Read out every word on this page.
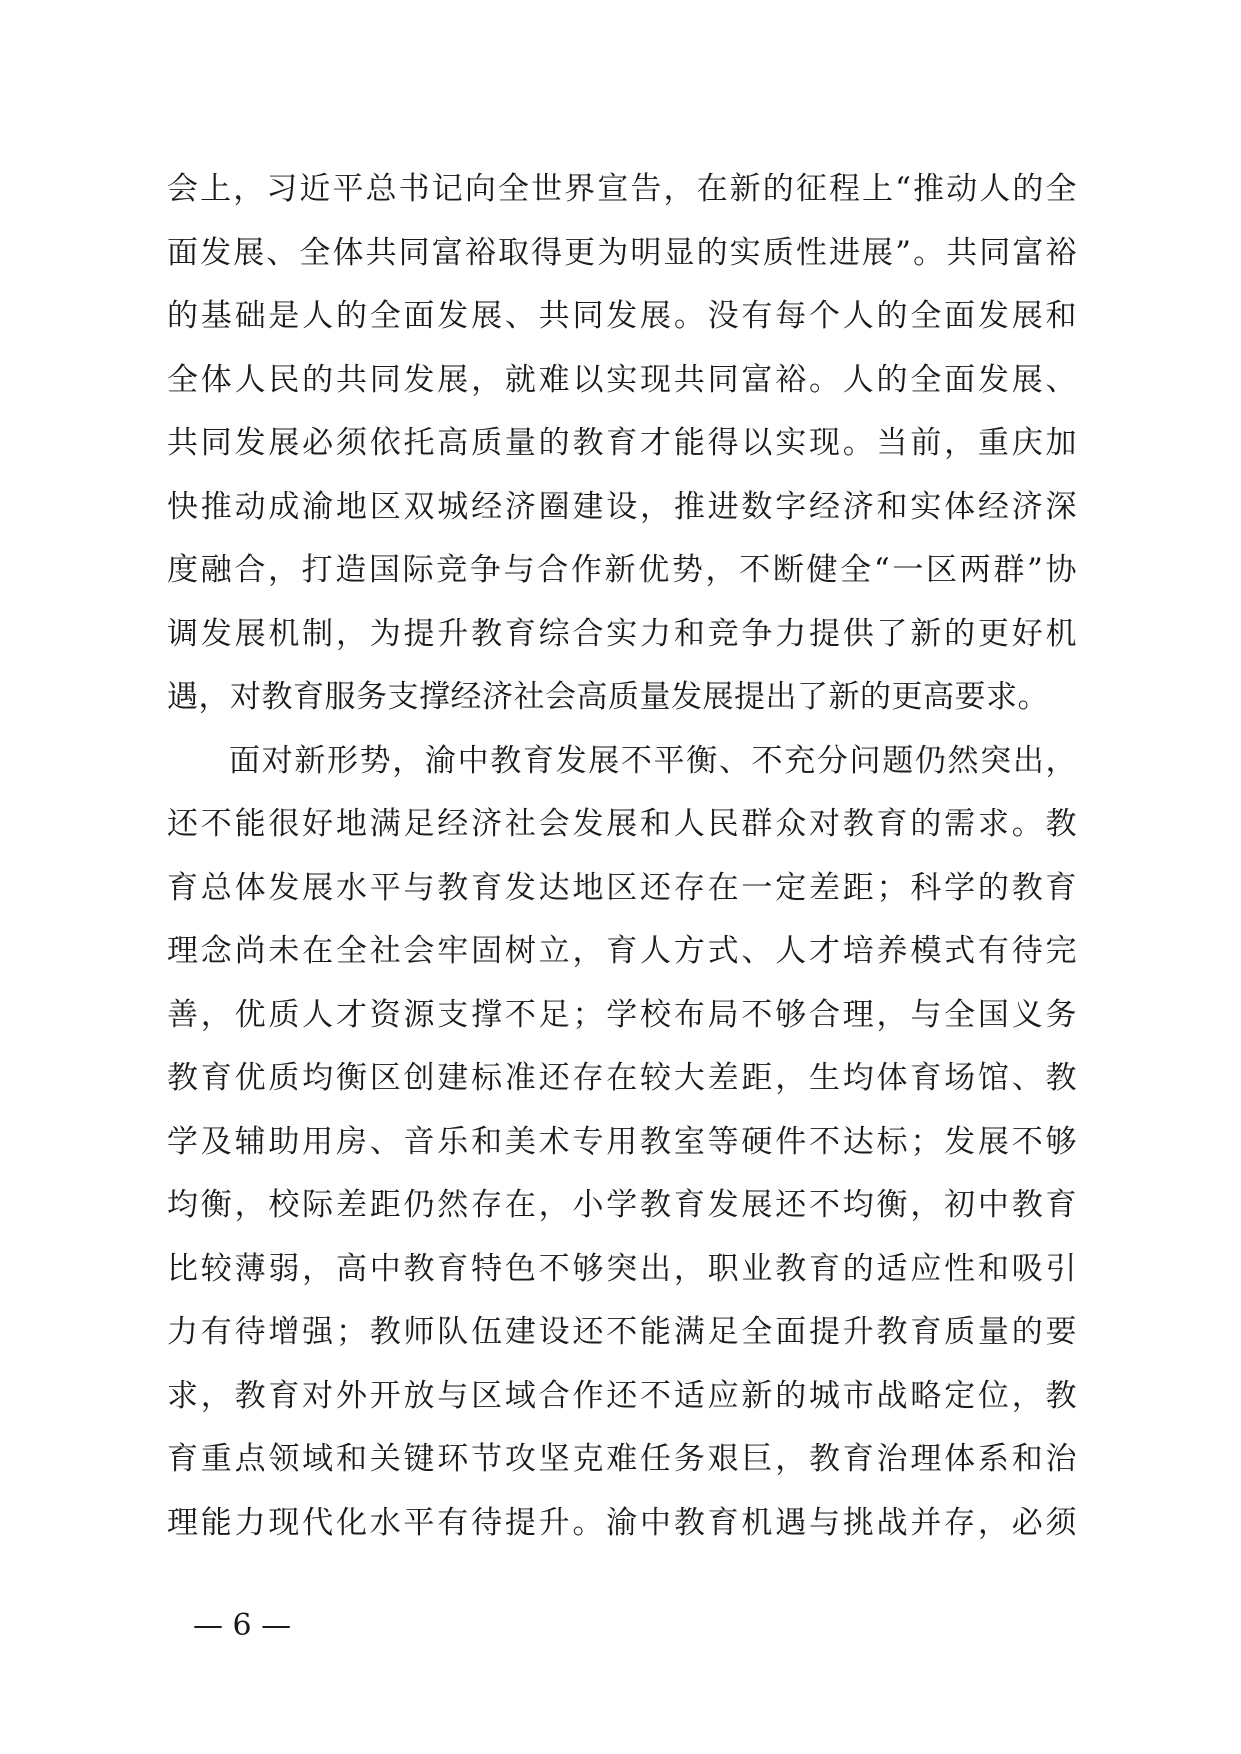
会上，习近平总书记向全世界宣告，在新的征程上“推动人的全
面发展、全体共同富裕取得更为明显的实质性进展”。共同富裕
的基础是人的全面发展、共同发展。没有每个人的全面发展和
全体人民的共同发展，就难以实现共同富裕。人的全面发展、
共同发展必须依托高质量的教育才能得以实现。当前，重庆加
快推动成渝地区双城经济圈建设，推进数字经济和实体经济深
度融合，打造国际竞争与合作新优势，不断健全“一区两群”协
调发展机制，为提升教育综合实力和竞争力提供了新的更好机
遇，对教育服务支撑经济社会高质量发展提出了新的更高要求。
面对新形势，渝中教育发展不平衡、不充分问题仍然突出，
还不能很好地满足经济社会发展和人民群众对教育的需求。教
育总体发展水平与教育发达地区还存在一定差距；科学的教育
理念尚未在全社会牢固树立，育人方式、人才培养模式有待完
善，优质人才资源支撑不足；学校布局不够合理，与全国义务
教育优质均衡区创建标准还存在较大差距，生均体育场馆、教
学及辅助用房、音乐和美术专用教室等硬件不达标；发展不够
均衡，校际差距仍然存在，小学教育发展还不均衡，初中教育
比较薄弱，高中教育特色不够突出，职业教育的适应性和吸引
力有待增强；教师队伍建设还不能满足全面提升教育质量的要
求，教育对外开放与区域合作还不适应新的城市战略定位，教
育重点领域和关键环节攻坚克难任务艰巨，教育治理体系和治
理能力现代化水平有待提升。渝中教育机遇与挑战并存，必须
— 6 —
